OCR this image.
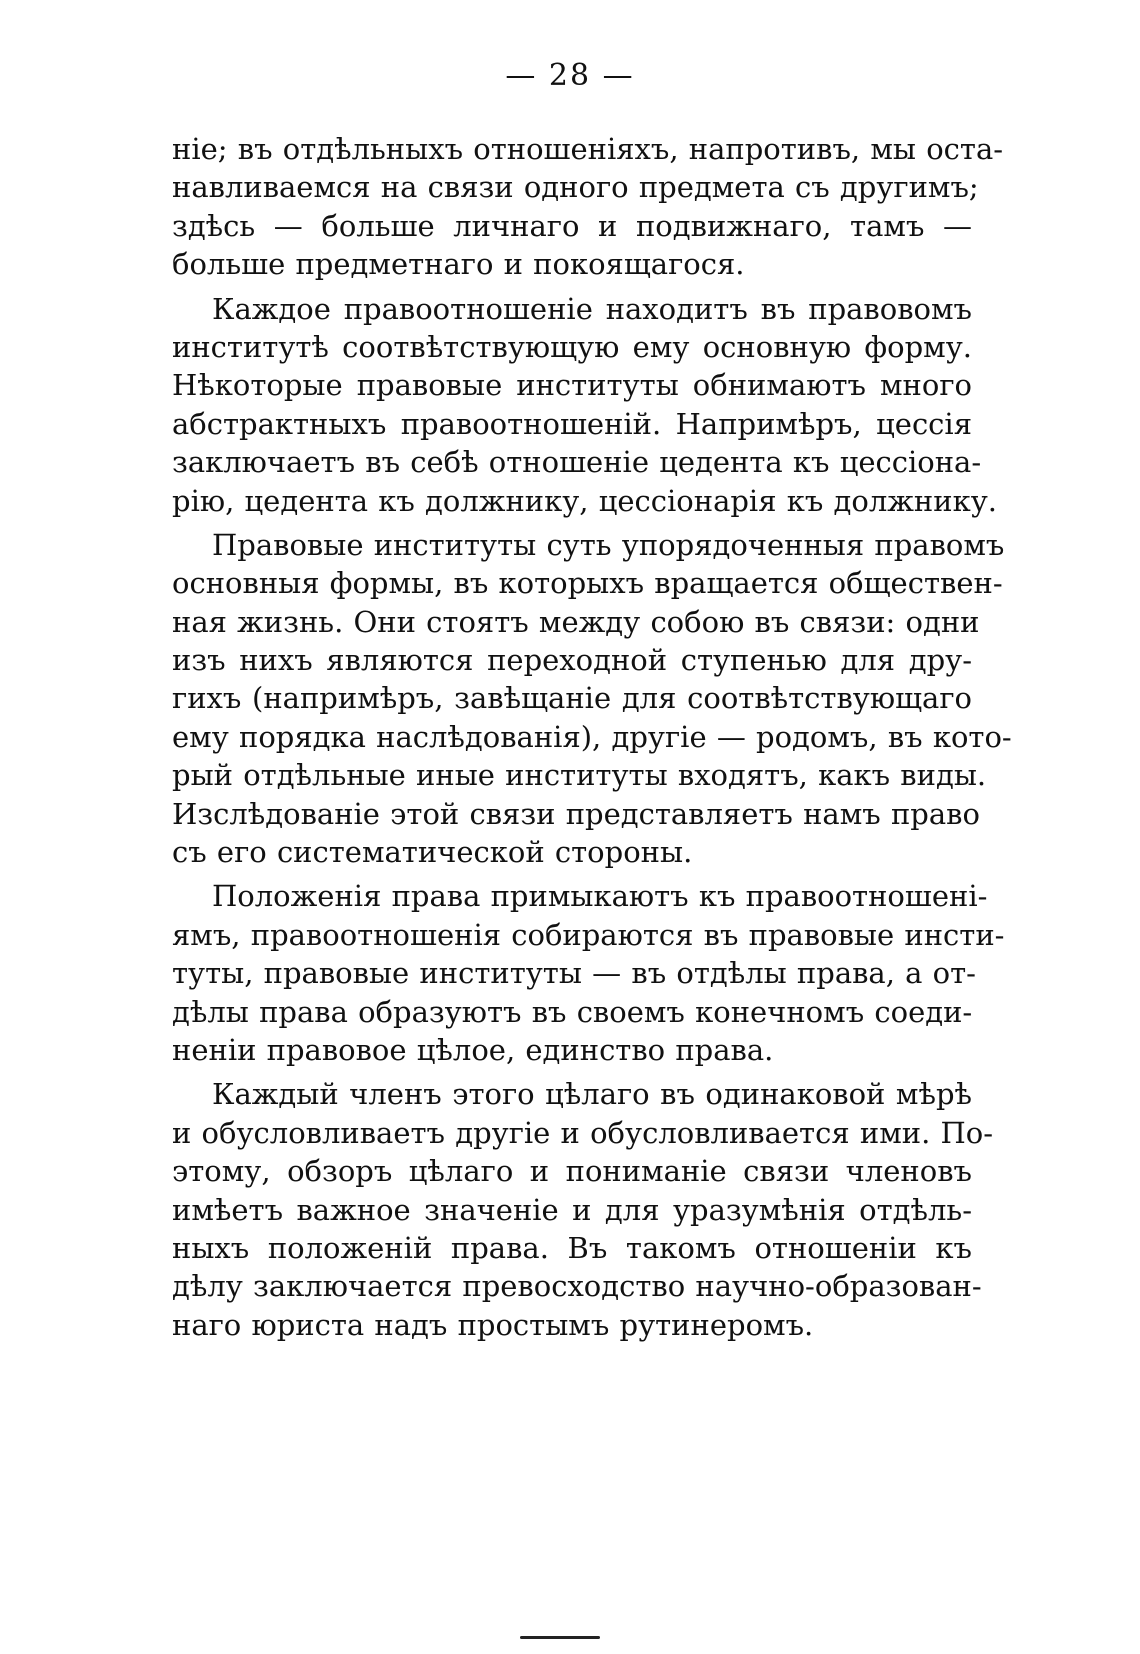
— 28 —
ніе; въ отдѣльныхъ отношеніяхъ, напротивъ, мы оста-
навливаемся на связи одного предмета съ другимъ;
здѣсь — больше личнаго и подвижнаго, тамъ —
больше предметнаго и покоящагося.
Каждое правоотношеніе находитъ въ правовомъ
институтѣ соотвѣтствующую ему основную форму.
Нѣкоторые правовые институты обнимаютъ много
абстрактныхъ правоотношеній. Напримѣръ, цессія
заключаетъ въ себѣ отношеніе цедента къ цессіона-
рію, цедента къ должнику, цессіонарія къ должнику.
Правовые институты суть упорядоченныя правомъ
основныя формы, въ которыхъ вращается обществен-
ная жизнь. Они стоятъ между собою въ связи: одни
изъ нихъ являются переходной ступенью для дру-
гихъ (напримѣръ, завѣщаніе для соотвѣтствующаго
ему порядка наслѣдованія), другіе — родомъ, въ кото-
рый отдѣльные иные институты входятъ, какъ виды.
Изслѣдованіе этой связи представляетъ намъ право
съ его систематической стороны.
Положенія права примыкаютъ къ правоотношені-
ямъ, правоотношенія собираются въ правовые инсти-
туты, правовые институты — въ отдѣлы права, а от-
дѣлы права образуютъ въ своемъ конечномъ соеди-
неніи правовое цѣлое, единство права.
Каждый членъ этого цѣлаго въ одинаковой мѣрѣ
и обусловливаетъ другіе и обусловливается ими. По-
этому, обзоръ цѣлаго и пониманіе связи членовъ
имѣетъ важное значеніе и для уразумѣнія отдѣль-
ныхъ положеній права. Въ такомъ отношеніи къ
дѣлу заключается превосходство научно-образован-
наго юриста надъ простымъ рутинеромъ.
